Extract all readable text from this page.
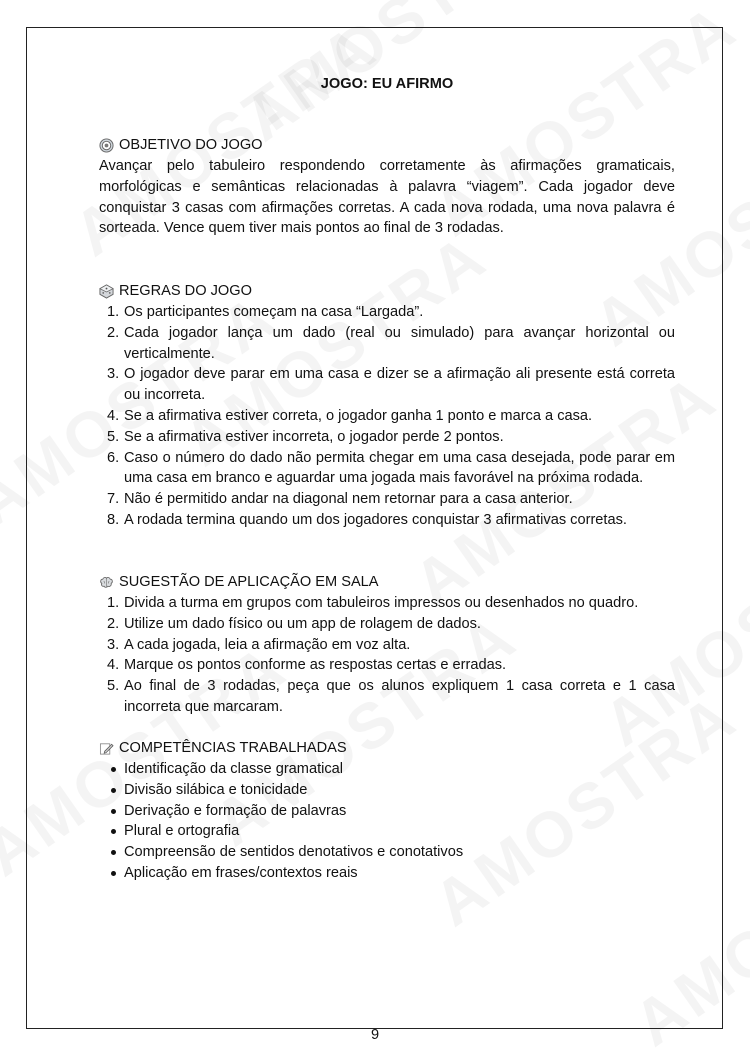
JOGO: EU AFIRMO
OBJETIVO DO JOGO
Avançar pelo tabuleiro respondendo corretamente às afirmações gramaticais, morfológicas e semânticas relacionadas à palavra “viagem”. Cada jogador deve conquistar 3 casas com afirmações corretas. A cada nova rodada, uma nova palavra é sorteada. Vence quem tiver mais pontos ao final de 3 rodadas.
REGRAS DO JOGO
1. Os participantes começam na casa “Largada”.
2. Cada jogador lança um dado (real ou simulado) para avançar horizontal ou verticalmente.
3. O jogador deve parar em uma casa e dizer se a afirmação ali presente está correta ou incorreta.
4. Se a afirmativa estiver correta, o jogador ganha 1 ponto e marca a casa.
5. Se a afirmativa estiver incorreta, o jogador perde 2 pontos.
6. Caso o número do dado não permita chegar em uma casa desejada, pode parar em uma casa em branco e aguardar uma jogada mais favorável na próxima rodada.
7. Não é permitido andar na diagonal nem retornar para a casa anterior.
8. A rodada termina quando um dos jogadores conquistar 3 afirmativas corretas.
SUGESTÃO DE APLICAÇÃO EM SALA
1. Divida a turma em grupos com tabuleiros impressos ou desenhados no quadro.
2. Utilize um dado físico ou um app de rolagem de dados.
3. A cada jogada, leia a afirmação em voz alta.
4. Marque os pontos conforme as respostas certas e erradas.
5. Ao final de 3 rodadas, peça que os alunos expliquem 1 casa correta e 1 casa incorreta que marcaram.
COMPETÊNCIAS TRABALHADAS
Identificação da classe gramatical
Divisão silábica e tonicidade
Derivação e formação de palavras
Plural e ortografia
Compreensão de sentidos denotativos e conotativos
Aplicação em frases/contextos reais
9
